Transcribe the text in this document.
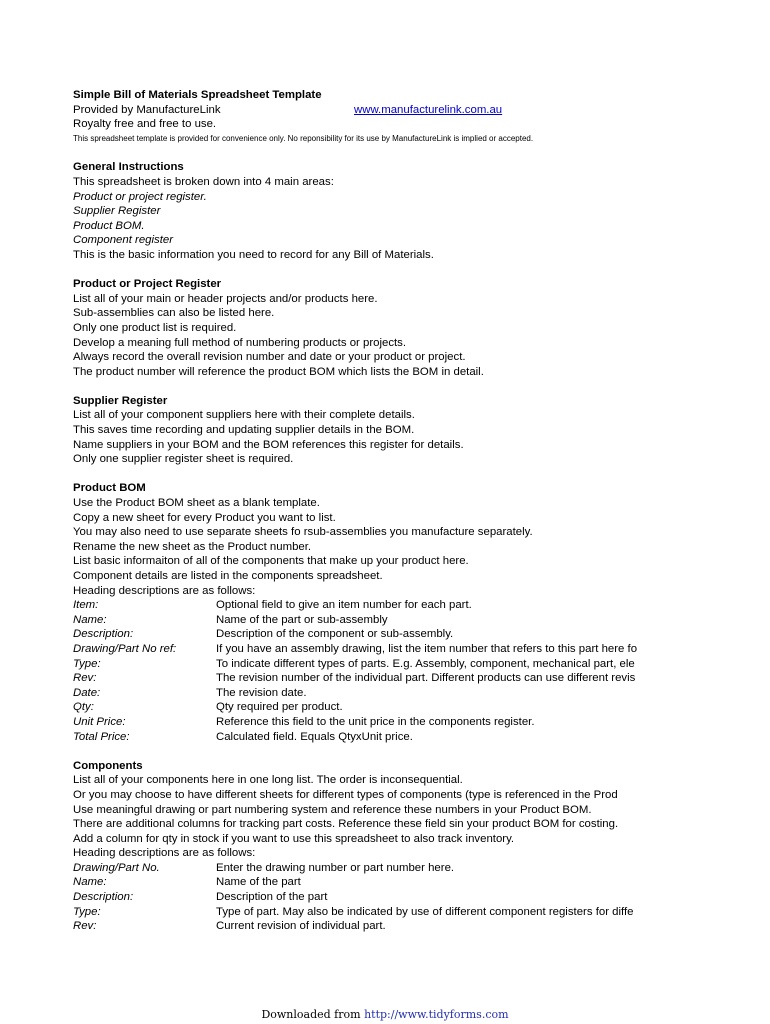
Simple Bill of Materials Spreadsheet Template
Provided by ManufactureLink	www.manufacturelink.com.au
Royalty free and free to use.
This spreadsheet template is provided for convenience only. No reponsibility for its use by ManufactureLink is implied or accepted.
General Instructions
This spreadsheet is broken down into 4 main areas:
Product or project register.
Supplier Register
Product BOM.
Component register
This is the basic information you need to record for any Bill of Materials.
Product or Project Register
List all of your main or header projects and/or products here.
Sub-assemblies can also be listed here.
Only one product list is required.
Develop a meaning full method of numbering products or projects.
Always record the overall revision number and date or your product or project.
The product number will reference the product BOM which lists the BOM in detail.
Supplier Register
List all of your component suppliers here with their complete details.
This saves time recording and updating supplier details in the BOM.
Name suppliers in your BOM and the BOM references this register for details.
Only one supplier register sheet is required.
Product BOM
Use the Product BOM sheet as a blank template.
Copy a new sheet for every Product you want to list.
You may also need to use separate sheets fo rsub-assemblies you manufacture separately.
Rename the new sheet as the Product number.
List basic informaiton of all of the components that make up your product here.
Component details are listed in the components spreadsheet.
Heading descriptions are as follows:
Item:	Optional field to give an item number for each part.
Name:	Name of the part or sub-assembly
Description:	Description of the component or sub-assembly.
Drawing/Part No ref:	If you have an assembly drawing, list the item number that refers to this part here fo
Type:	To indicate different types of parts. E.g. Assembly, component, mechanical part, ele
Rev:	The revision number of the individual part. Different products can use different revis
Date:	The revision date.
Qty:	Qty required per product.
Unit Price:	Reference this field to the unit price in the components register.
Total Price:	Calculated field. Equals QtyxUnit price.
Components
List all of your components here in one long list. The order is inconsequential.
Or you may choose to have different sheets for different types of components (type is referenced in the Prod
Use meaningful drawing or part numbering system and reference these numbers in your Product BOM.
There are additional columns for tracking part costs. Reference these field sin your product BOM for costing.
Add a column for qty in stock if you want to use this spreadsheet to also track inventory.
Heading descriptions are as follows:
Drawing/Part No.	Enter the drawing number or part number here.
Name:	Name of the part
Description:	Description of the part
Type:	Type of part. May also be indicated by use of different component registers for diffe
Rev:	Current revision of individual part.
Downloaded from http://www.tidyforms.com
